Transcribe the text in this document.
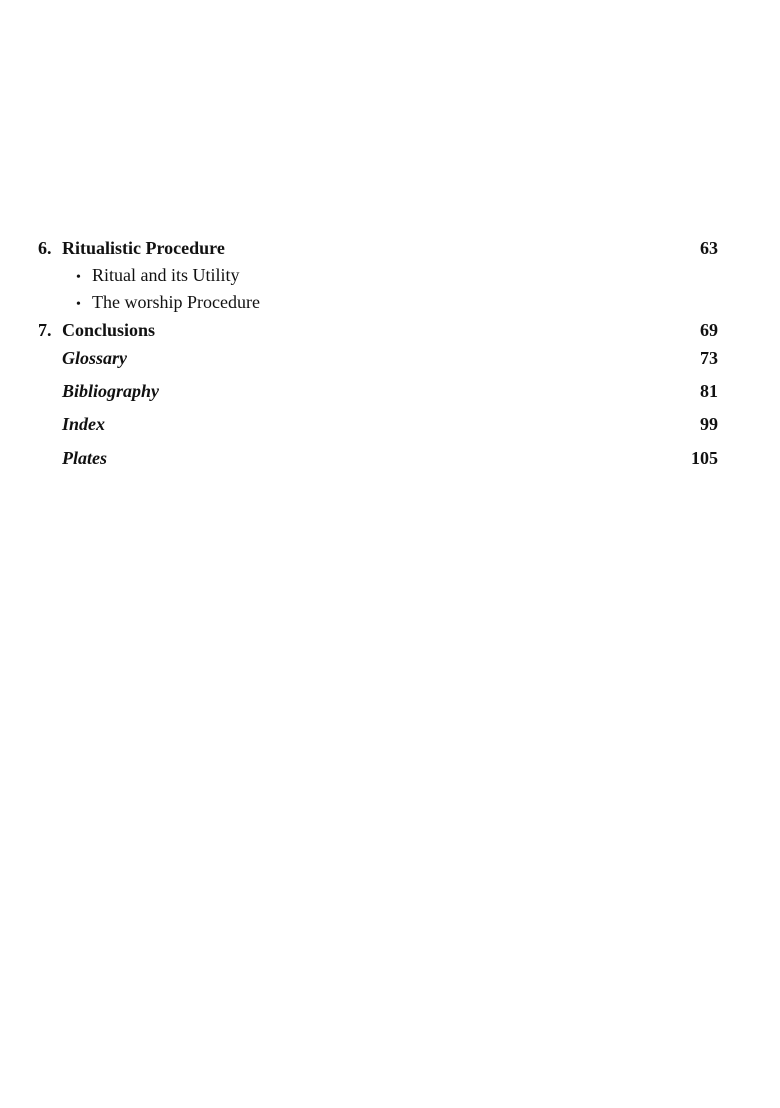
6. Ritualistic Procedure	63
• Ritual and its Utility
• The worship Procedure
7. Conclusions	69
Glossary	73
Bibliography	81
Index	99
Plates	105
